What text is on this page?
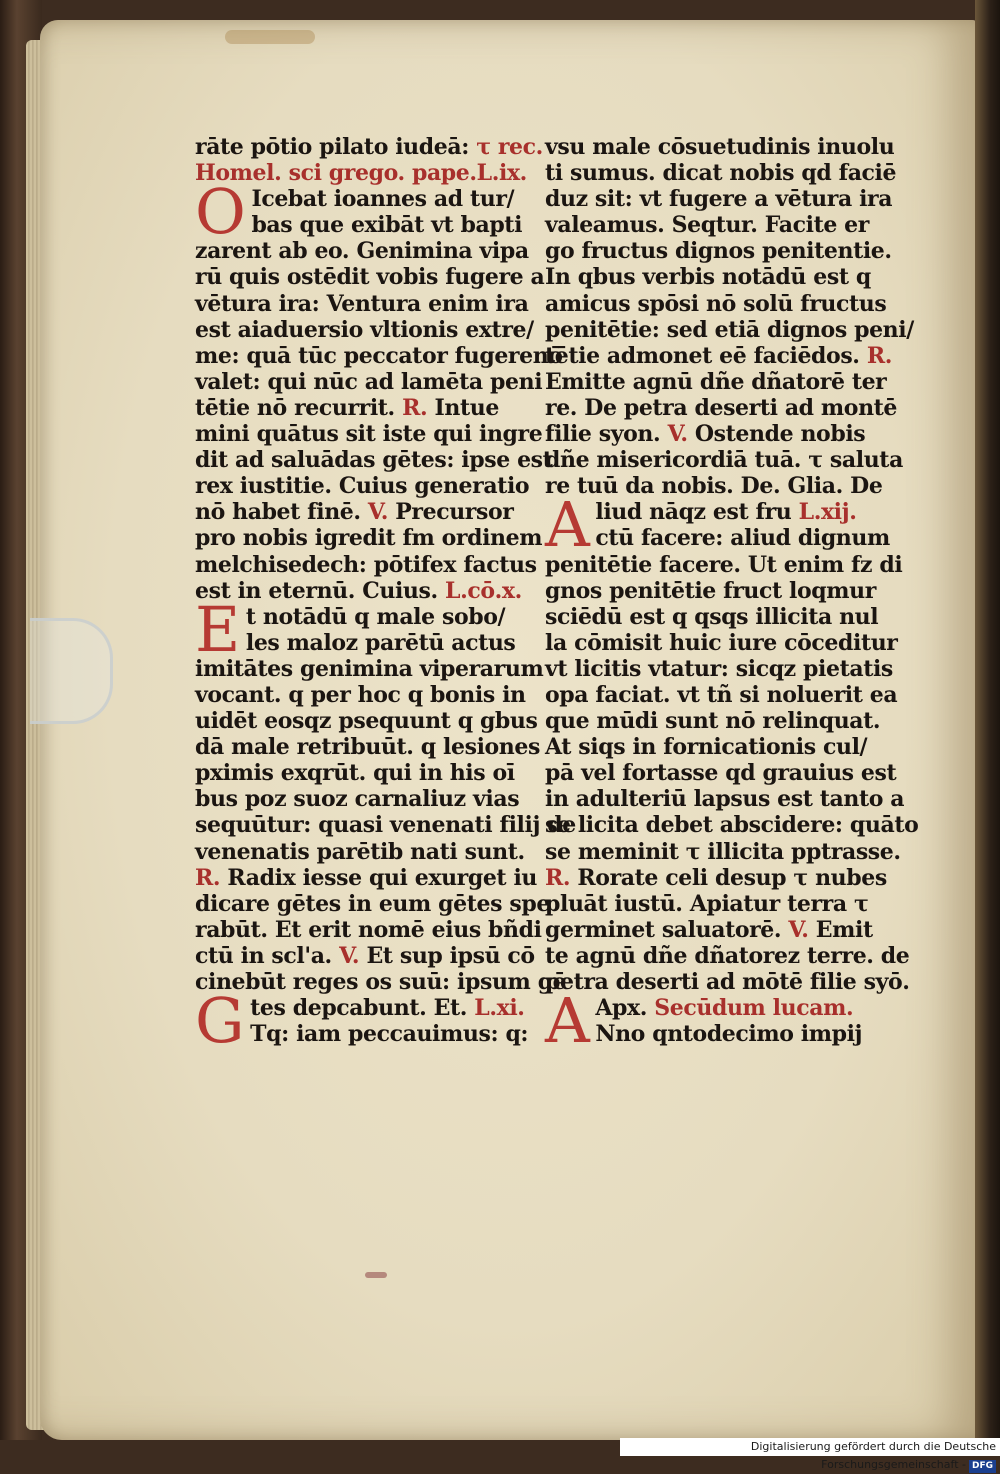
rāte pōtio pilato iudeā: τ rec.
Homel. sci grego. pape.L.ix.
O Icebat ioannes ad tur/
bas que exibāt vt bapti
zarent ab eo. Genimina vipa
rū quis ostēdit vobis fugere a
vētura ira: Ventura enim ira
est aiaduersio vltionis extre/
me: quā tūc peccator fugerenō
valet: qui nūc ad lamēta peni
tētie nō recurrit. R. Intue
mini quātus sit iste qui ingre
dit ad saluādas gētes: ipse est
rex iustitie. Cuius generatio
nō habet finē. V. Precursor
pro nobis igredit fm ordinem
melchisedech: pōtifex factus
est in eternū. Cuius. L.cō.x.
E t notādū q male sobo/
les maloz parētū actus
imitātes genimina viperarum
vocant. q per hoc q bonis in
uidēt eosqz psequunt q gbus
dā male retribuūt. q lesiones
pximis exqrūt. qui in his oī
bus poz suoz carnaliuz vias
sequūtur: quasi venenati filij de
venenatis parētib nati sunt.
R. Radix iesse qui exurget iu
dicare gētes in eum gētes spe
rabūt. Et erit nomē eius bñdi
ctū in scl'a. V. Et sup ipsū cō
cinebūt reges os suū: ipsum gē
G tes depcabunt. Et. L.xi.
Tq: iam peccauimus: q:
vsu male cōsuetudinis inuolu
ti sumus. dicat nobis qd faciē
duz sit: vt fugere a vētura ira
valeamus. Seqtur. Facite er
go fructus dignos penitentie.
In qbus verbis notādū est q
amicus spōsi nō solū fructus
penitētie: sed etiā dignos peni/
tētie admonet eē faciēdos. R.
Emitte agnū dñe dñatorē ter
re. De petra deserti ad montē
filie syon. V. Ostende nobis
dñe misericordiā tuā. τ saluta
re tuū da nobis. De. Glia. De
A liud nāqz est fru L.xij.
ctū facere: aliud dignum
penitētie facere. Ut enim fz di
gnos penitētie fruct loqmur
sciēdū est q qsqs illicita nul
la cōmisit huic iure cōceditur
vt licitis vtatur: sicqz pietatis
opa faciat. vt tñ si noluerit ea
que mūdi sunt nō relinquat.
At siqs in fornicationis cul/
pā vel fortasse qd grauius est
in adulteriū lapsus est tanto a
se licita debet abscidere: quāto
se meminit τ illicita pptrasse.
R. Rorate celi desup τ nubes
pluāt iustū. Apiatur terra τ
germinet saluatorē. V. Emit
te agnū dñe dñatorez terre. de
petra deserti ad mōtē filie syō.
A Apx. Secūdum lucam.
Nno qntodecimo impij
Digitalisierung gefördert durch die Deutsche Forschungsgemeinschaft - DFG
